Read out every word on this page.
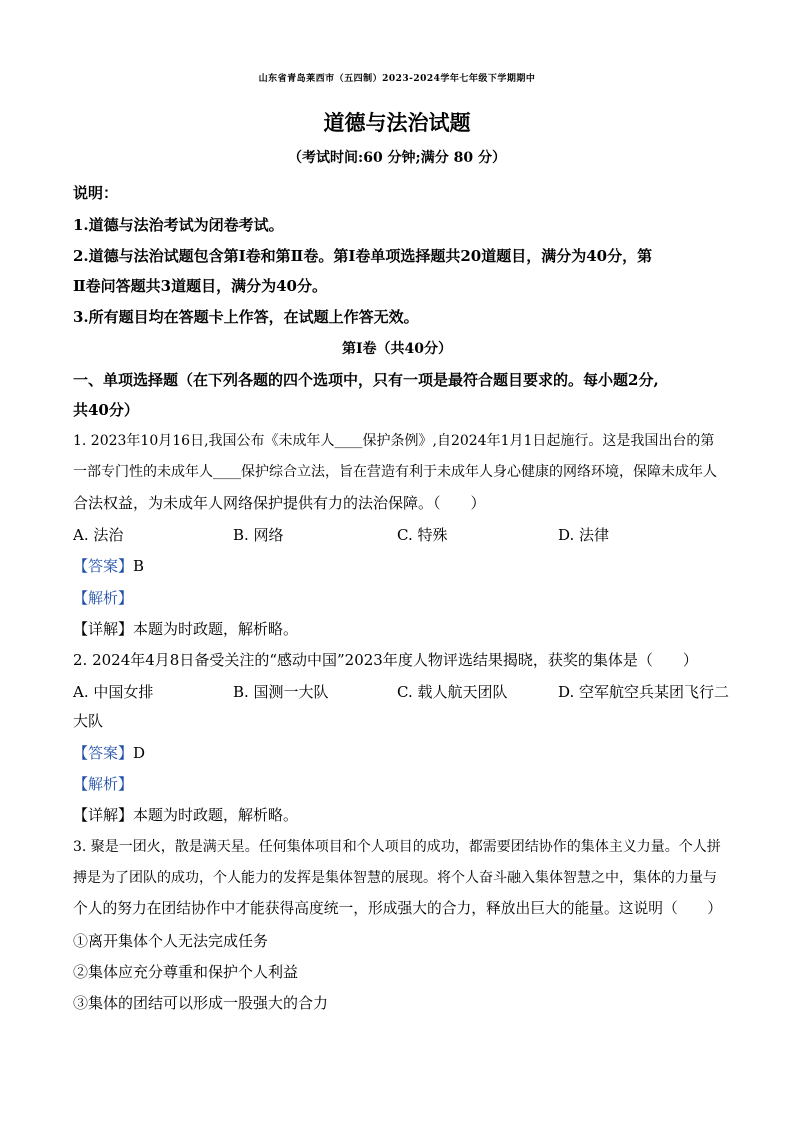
山东省青岛莱西市（五四制）2023-2024学年七年级下学期期中
道德与法治试题
（考试时间:60 分钟;满分 80 分）
说明：
1.道德与法治考试为闭卷考试。
2.道德与法治试题包含第Ⅰ卷和第Ⅱ卷。第Ⅰ卷单项选择题共20道题目，满分为40分，第
Ⅱ卷问答题共3道题目，满分为40分。
3.所有题目均在答题卡上作答，在试题上作答无效。
第Ⅰ卷（共40分）
一、单项选择题（在下列各题的四个选项中，只有一项是最符合题目要求的。每小题2分,
共40分）
1. 2023年10月16日,我国公布《未成年人____保护条例》,自2024年1月1日起施行。这是我国出台的第
一部专门性的未成年人____保护综合立法，旨在营造有利于未成年人身心健康的网络环境，保障未成年人
合法权益，为未成年人网络保护提供有力的法治保障。（　　）
A. 法治	B. 网络	C. 特殊	D. 法律
【答案】B
【解析】
【详解】本题为时政题，解析略。
2. 2024年4月8日备受关注的“感动中国”2023年度人物评选结果揭晓，获奖的集体是（　　）
A. 中国女排	B. 国测一大队	C. 载人航天团队	D. 空军航空兵某团飞行二
大队
【答案】D
【解析】
【详解】本题为时政题，解析略。
3. 聚是一团火，散是满天星。任何集体项目和个人项目的成功，都需要团结协作的集体主义力量。个人拼
搏是为了团队的成功，个人能力的发挥是集体智慧的展现。将个人奋斗融入集体智慧之中，集体的力量与
个人的努力在团结协作中才能获得高度统一，形成强大的合力，释放出巨大的能量。这说明（　　）
①离开集体个人无法完成任务
②集体应充分尊重和保护个人利益
③集体的团结可以形成一股强大的合力
